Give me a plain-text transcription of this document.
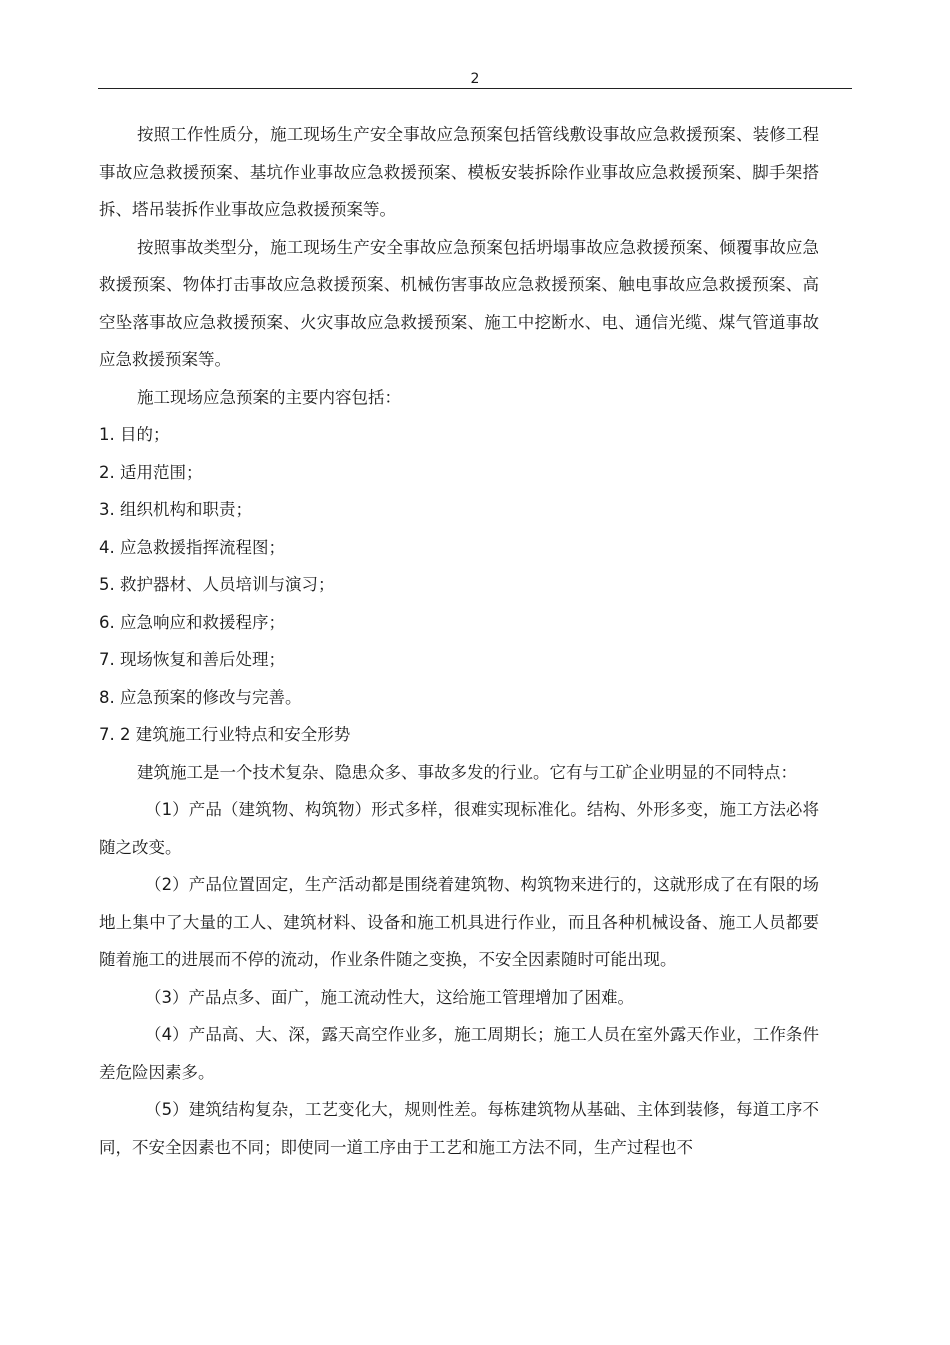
2

按照工作性质分，施工现场生产安全事故应急预案包括管线敷设事故应急救援预案、装修工程事故应急救援预案、基坑作业事故应急救援预案、模板安装拆除作业事故应急救援预案、脚手架搭拆、塔吊装拆作业事故应急救援预案等。

按照事故类型分，施工现场生产安全事故应急预案包括坍塌事故应急救援预案、倾覆事故应急救援预案、物体打击事故应急救援预案、机械伤害事故应急救援预案、触电事故应急救援预案、高空坠落事故应急救援预案、火灾事故应急救援预案、施工中挖断水、电、通信光缆、煤气管道事故应急救援预案等。

施工现场应急预案的主要内容包括：

1. 目的；

2. 适用范围；

3. 组织机构和职责；

4. 应急救援指挥流程图；

5. 救护器材、人员培训与演习；

6. 应急响应和救援程序；

7. 现场恢复和善后处理；

8. 应急预案的修改与完善。

7. 2 建筑施工行业特点和安全形势

建筑施工是一个技术复杂、隐患众多、事故多发的行业。它有与工矿企业明显的不同特点：

（1）产品（建筑物、构筑物）形式多样，很难实现标准化。结构、外形多变，施工方法必将随之改变。

（2）产品位置固定，生产活动都是围绕着建筑物、构筑物来进行的，这就形成了在有限的场地上集中了大量的工人、建筑材料、设备和施工机具进行作业，而且各种机械设备、施工人员都要随着施工的进展而不停的流动，作业条件随之变换，不安全因素随时可能出现。

（3）产品点多、面广，施工流动性大，这给施工管理增加了困难。

（4）产品高、大、深，露天高空作业多，施工周期长；施工人员在室外露天作业，工作条件差危险因素多。

（5）建筑结构复杂，工艺变化大，规则性差。每栋建筑物从基础、主体到装修，每道工序不同，不安全因素也不同；即使同一道工序由于工艺和施工方法不同，生产过程也不
